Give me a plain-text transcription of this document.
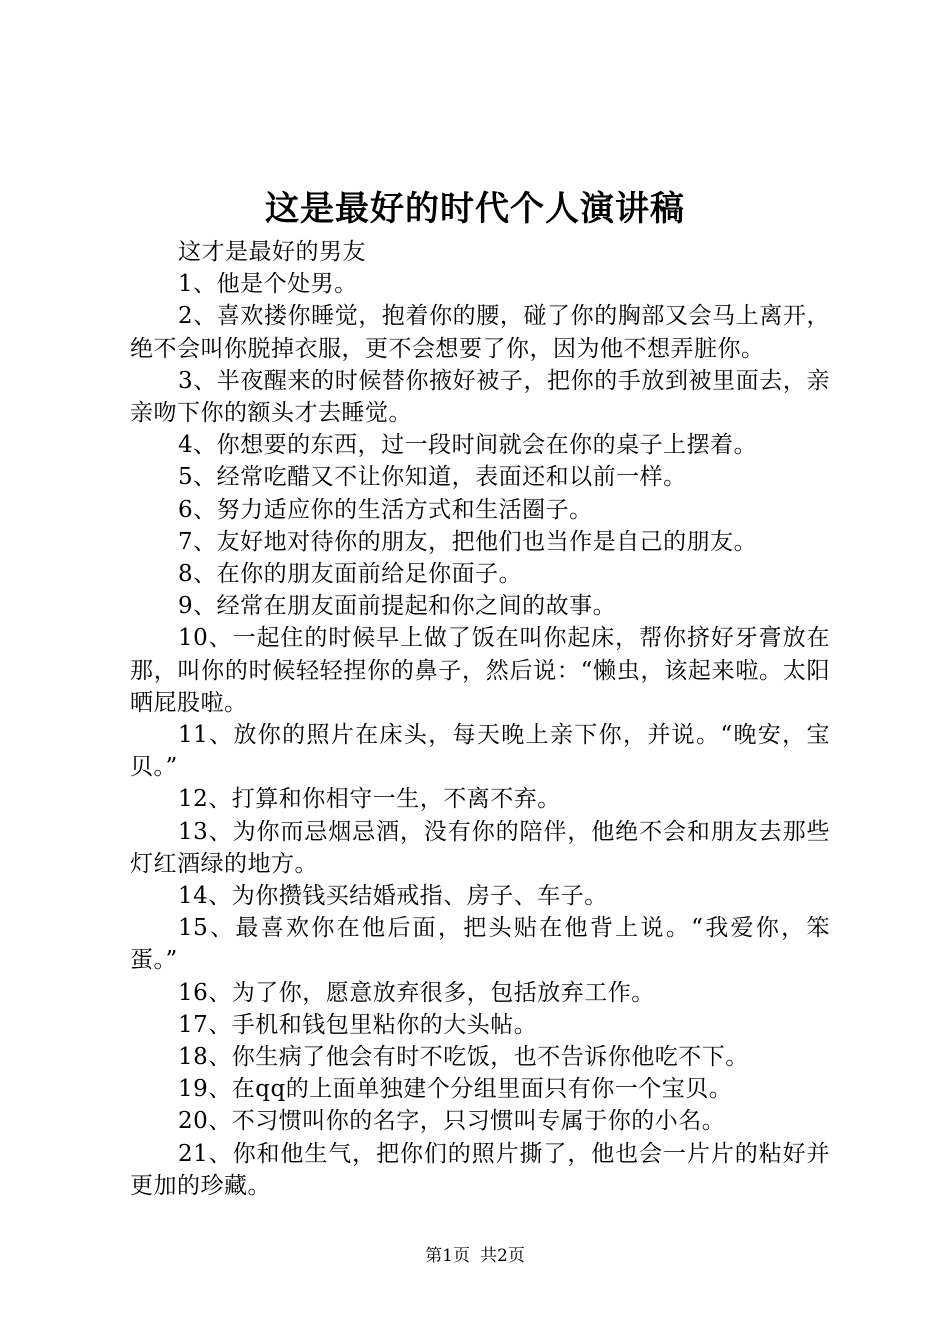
这是最好的时代个人演讲稿

这才是最好的男友

1、他是个处男。

2、喜欢搂你睡觉，抱着你的腰，碰了你的胸部又会马上离开，绝不会叫你脱掉衣服，更不会想要了你，因为他不想弄脏你。

3、半夜醒来的时候替你掖好被子，把你的手放到被里面去，亲亲吻下你的额头才去睡觉。

4、你想要的东西，过一段时间就会在你的桌子上摆着。

5、经常吃醋又不让你知道，表面还和以前一样。

6、努力适应你的生活方式和生活圈子。

7、友好地对待你的朋友，把他们也当作是自己的朋友。

8、在你的朋友面前给足你面子。

9、经常在朋友面前提起和你之间的故事。

10、一起住的时候早上做了饭在叫你起床，帮你挤好牙膏放在那，叫你的时候轻轻捏你的鼻子，然后说：“懒虫，该起来啦。太阳晒屁股啦。

11、放你的照片在床头，每天晚上亲下你，并说。“晚安，宝贝。”

12、打算和你相守一生，不离不弃。

13、为你而忌烟忌酒，没有你的陪伴，他绝不会和朋友去那些灯红酒绿的地方。

14、为你攒钱买结婚戒指、房子、车子。

15、最喜欢你在他后面，把头贴在他背上说。“我爱你，笨蛋。”

16、为了你，愿意放弃很多，包括放弃工作。

17、手机和钱包里粘你的大头帖。

18、你生病了他会有时不吃饭，也不告诉你他吃不下。

19、在qq的上面单独建个分组里面只有你一个宝贝。

20、不习惯叫你的名字，只习惯叫专属于你的小名。

21、你和他生气，把你们的照片撕了，他也会一片片的粘好并更加的珍藏。

第1页 共2页
